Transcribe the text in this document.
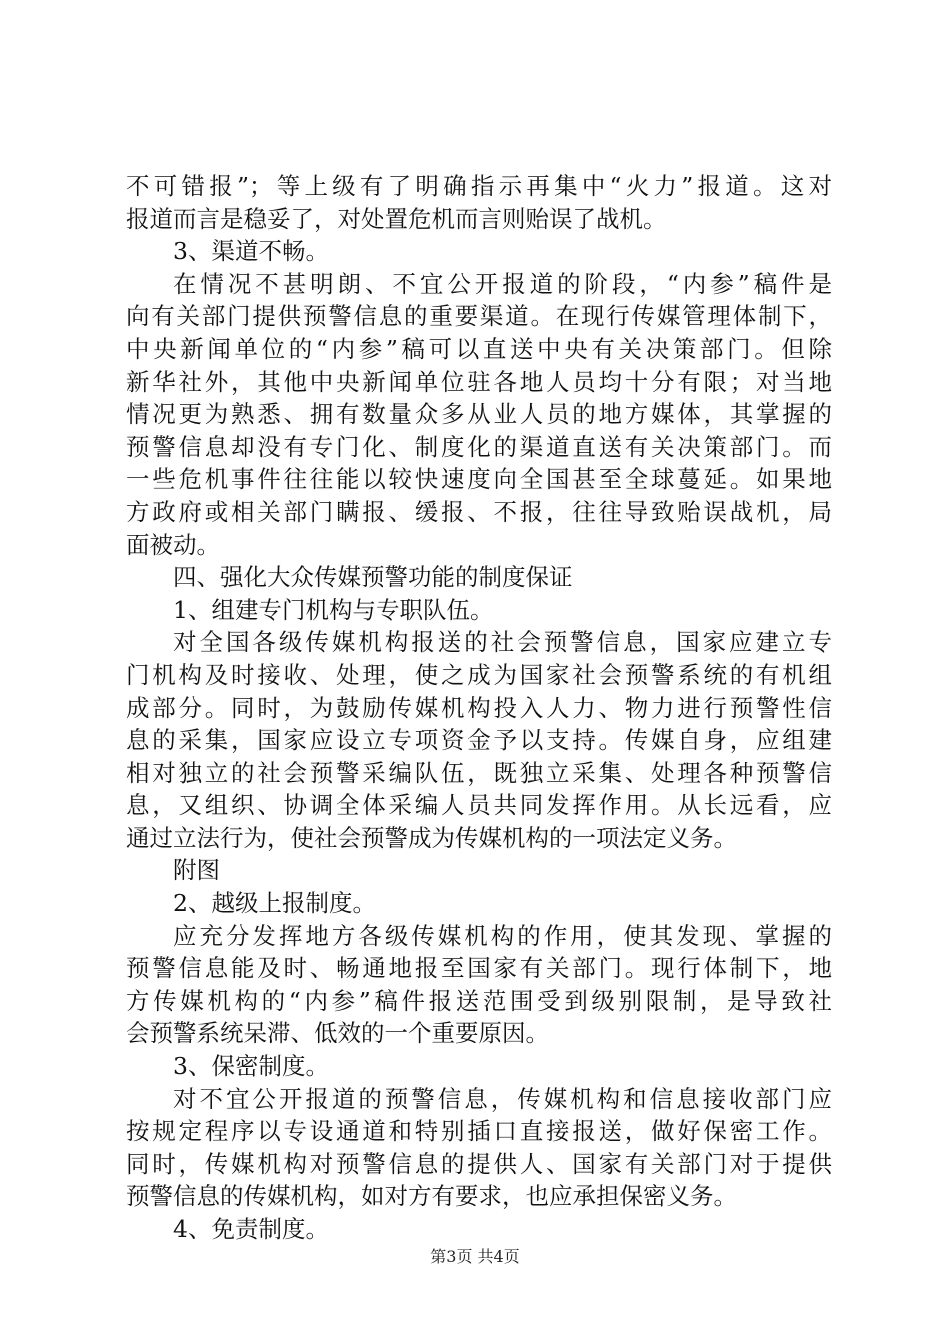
不可错报”；等上级有了明确指示再集中“火力”报道。这对
报道而言是稳妥了，对处置危机而言则贻误了战机。
3、渠道不畅。
在情况不甚明朗、不宜公开报道的阶段，“内参”稿件是
向有关部门提供预警信息的重要渠道。在现行传媒管理体制下，
中央新闻单位的“内参”稿可以直送中央有关决策部门。但除
新华社外，其他中央新闻单位驻各地人员均十分有限；对当地
情况更为熟悉、拥有数量众多从业人员的地方媒体，其掌握的
预警信息却没有专门化、制度化的渠道直送有关决策部门。而
一些危机事件往往能以较快速度向全国甚至全球蔓延。如果地
方政府或相关部门瞒报、缓报、不报，往往导致贻误战机，局
面被动。
四、强化大众传媒预警功能的制度保证
1、组建专门机构与专职队伍。
对全国各级传媒机构报送的社会预警信息，国家应建立专
门机构及时接收、处理，使之成为国家社会预警系统的有机组
成部分。同时，为鼓励传媒机构投入人力、物力进行预警性信
息的采集，国家应设立专项资金予以支持。传媒自身，应组建
相对独立的社会预警采编队伍，既独立采集、处理各种预警信
息，又组织、协调全体采编人员共同发挥作用。从长远看，应
通过立法行为，使社会预警成为传媒机构的一项法定义务。
附图
2、越级上报制度。
应充分发挥地方各级传媒机构的作用，使其发现、掌握的
预警信息能及时、畅通地报至国家有关部门。现行体制下，地
方传媒机构的“内参”稿件报送范围受到级别限制，是导致社
会预警系统呆滞、低效的一个重要原因。
3、保密制度。
对不宜公开报道的预警信息，传媒机构和信息接收部门应
按规定程序以专设通道和特别插口直接报送，做好保密工作。
同时，传媒机构对预警信息的提供人、国家有关部门对于提供
预警信息的传媒机构，如对方有要求，也应承担保密义务。
4、免责制度。
第3页 共4页
